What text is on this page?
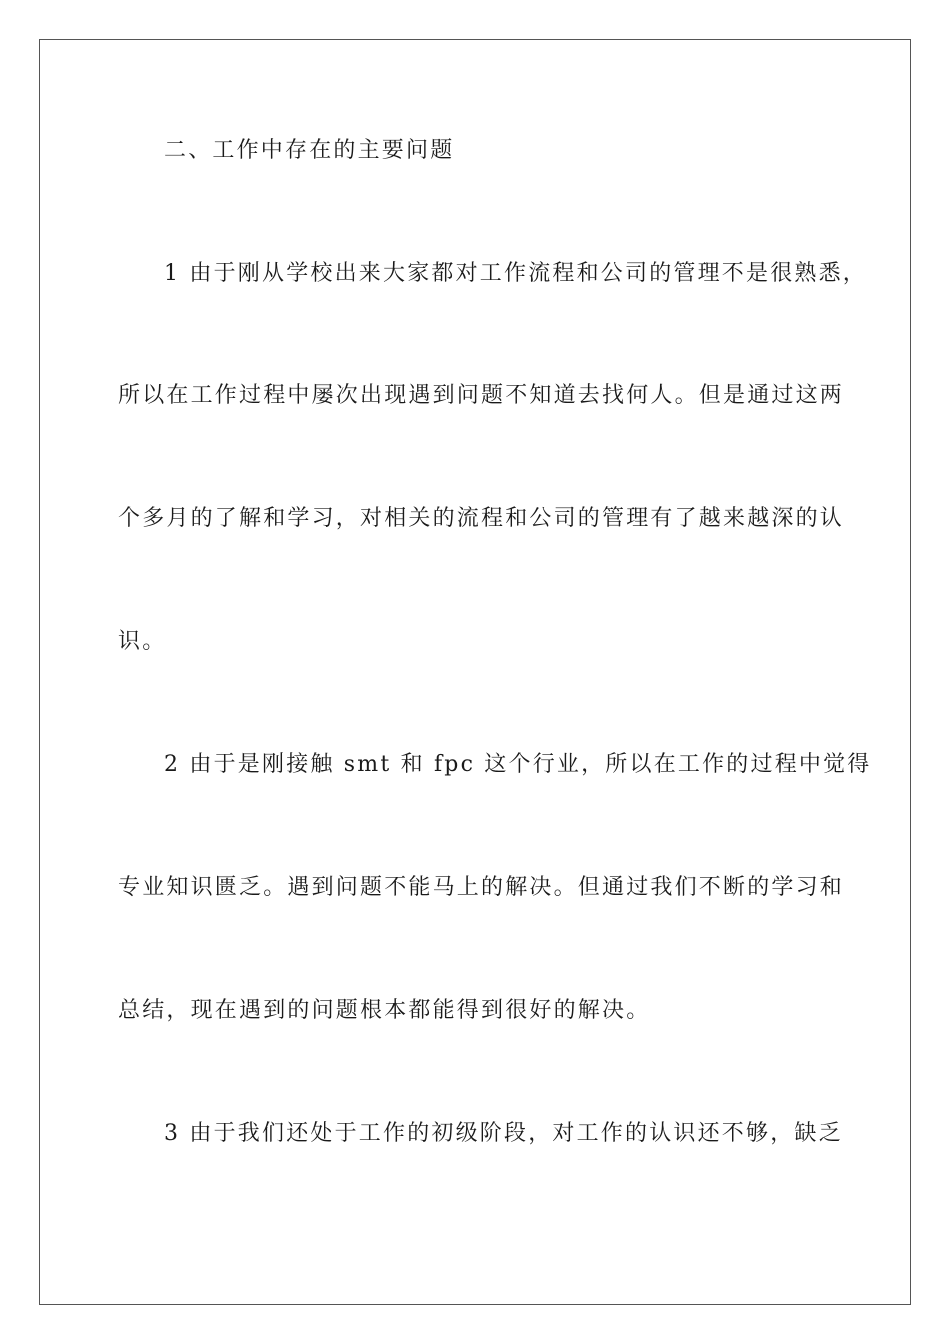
二、工作中存在的主要问题

1 由于刚从学校出来大家都对工作流程和公司的管理不是很熟悉，

所以在工作过程中屡次出现遇到问题不知道去找何人。但是通过这两

个多月的了解和学习，对相关的流程和公司的管理有了越来越深的认

识。

2 由于是刚接触 smt 和 fpc 这个行业，所以在工作的过程中觉得

专业知识匮乏。遇到问题不能马上的解决。但通过我们不断的学习和

总结，现在遇到的问题根本都能得到很好的解决。

3 由于我们还处于工作的初级阶段，对工作的认识还不够，缺乏
